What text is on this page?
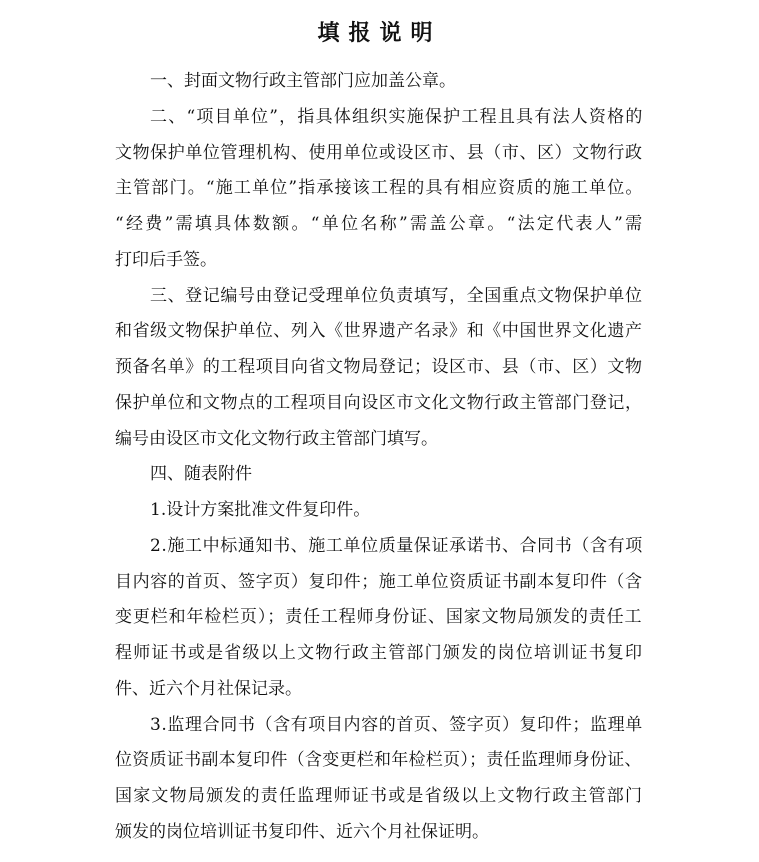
填报说明
一、封面文物行政主管部门应加盖公章。
二、“项目单位”，指具体组织实施保护工程且具有法人资格的
文物保护单位管理机构、使用单位或设区市、县（市、区）文物行政
主管部门。“施工单位”指承接该工程的具有相应资质的施工单位。
“经费”需填具体数额。“单位名称”需盖公章。“法定代表人”需
打印后手签。
三、登记编号由登记受理单位负责填写，全国重点文物保护单位
和省级文物保护单位、列入《世界遗产名录》和《中国世界文化遗产
预备名单》的工程项目向省文物局登记；设区市、县（市、区）文物
保护单位和文物点的工程项目向设区市文化文物行政主管部门登记，
编号由设区市文化文物行政主管部门填写。
四、随表附件
1.设计方案批准文件复印件。
2.施工中标通知书、施工单位质量保证承诺书、合同书（含有项
目内容的首页、签字页）复印件；施工单位资质证书副本复印件（含
变更栏和年检栏页）；责任工程师身份证、国家文物局颁发的责任工
程师证书或是省级以上文物行政主管部门颁发的岗位培训证书复印
件、近六个月社保记录。
3.监理合同书（含有项目内容的首页、签字页）复印件；监理单
位资质证书副本复印件（含变更栏和年检栏页）；责任监理师身份证、
国家文物局颁发的责任监理师证书或是省级以上文物行政主管部门
颁发的岗位培训证书复印件、近六个月社保证明。
